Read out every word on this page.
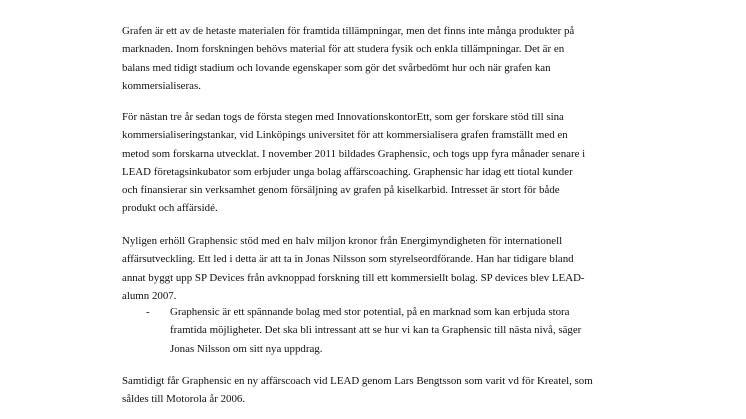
Grafen är ett av de hetaste materialen för framtida tillämpningar, men det finns inte många produkter på
marknaden. Inom forskningen behövs material för att studera fysik och enkla tillämpningar. Det är en
balans med tidigt stadium och lovande egenskaper som gör det svårbedömt hur och när grafen kan
kommersialiseras.
För nästan tre år sedan togs de första stegen med InnovationskontorEtt, som ger forskare stöd till sina
kommersialiseringstankar, vid Linköpings universitet för att kommersialisera grafen framställt med en
metod som forskarna utvecklat. I november 2011 bildades Graphensic, och togs upp fyra månader senare i
LEAD företagsinkubator som erbjuder unga bolag affärscoaching. Graphensic har idag ett tiotal kunder
och finansierar sin verksamhet genom försäljning av grafen på kiselkarbid. Intresset är stort för både
produkt och affärsidé.
Nyligen erhöll Graphensic stöd med en halv miljon kronor från Energimyndigheten för internationell
affärsutveckling. Ett led i detta är att ta in Jonas Nilsson som styrelseordförande. Han har tidigare bland
annat byggt upp SP Devices från avknoppad forskning till ett kommersiellt bolag. SP devices blev LEAD-
alumn 2007.
- Graphensic är ett spännande bolag med stor potential, på en marknad som kan erbjuda stora
framtida möjligheter. Det ska bli intressant att se hur vi kan ta Graphensic till nästa nivå, säger
Jonas Nilsson om sitt nya uppdrag.
Samtidigt får Graphensic en ny affärscoach vid LEAD genom Lars Bengtsson som varit vd för Kreatel, som
såldes till Motorola år 2006.
